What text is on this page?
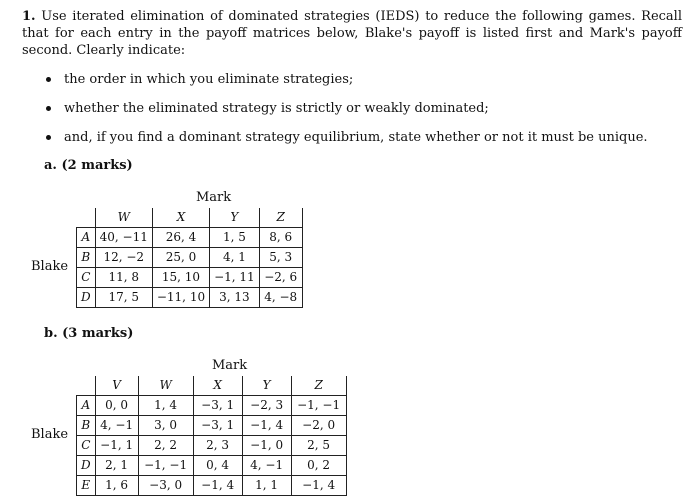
1. Use iterated elimination of dominated strategies (IEDS) to reduce the following games. Recall that for each entry in the payoff matrices below, Blake's payoff is listed first and Mark's payoff second. Clearly indicate:

the order in which you eliminate strategies;
whether the eliminated strategy is strictly or weakly dominated;
and, if you find a dominant strategy equilibrium, state whether or not it must be unique.
a. (2 marks)
Mark
Blake
	W	X	Y	Z
A	40, −11	26, 4	1, 5	8, 6
B	12, −2	25, 0	4, 1	5, 3
C	11, 8	15, 10	−1, 11	−2, 6
D	17, 5	−11, 10	3, 13	4, −8
b. (3 marks)
Mark
Blake
	V	W	X	Y	Z
A	0, 0	1, 4	−3, 1	−2, 3	−1, −1
B	4, −1	3, 0	−3, 1	−1, 4	−2, 0
C	−1, 1	2, 2	2, 3	−1, 0	2, 5
D	2, 1	−1, −1	0, 4	4, −1	0, 2
E	1, 6	−3, 0	−1, 4	1, 1	−1, 4
